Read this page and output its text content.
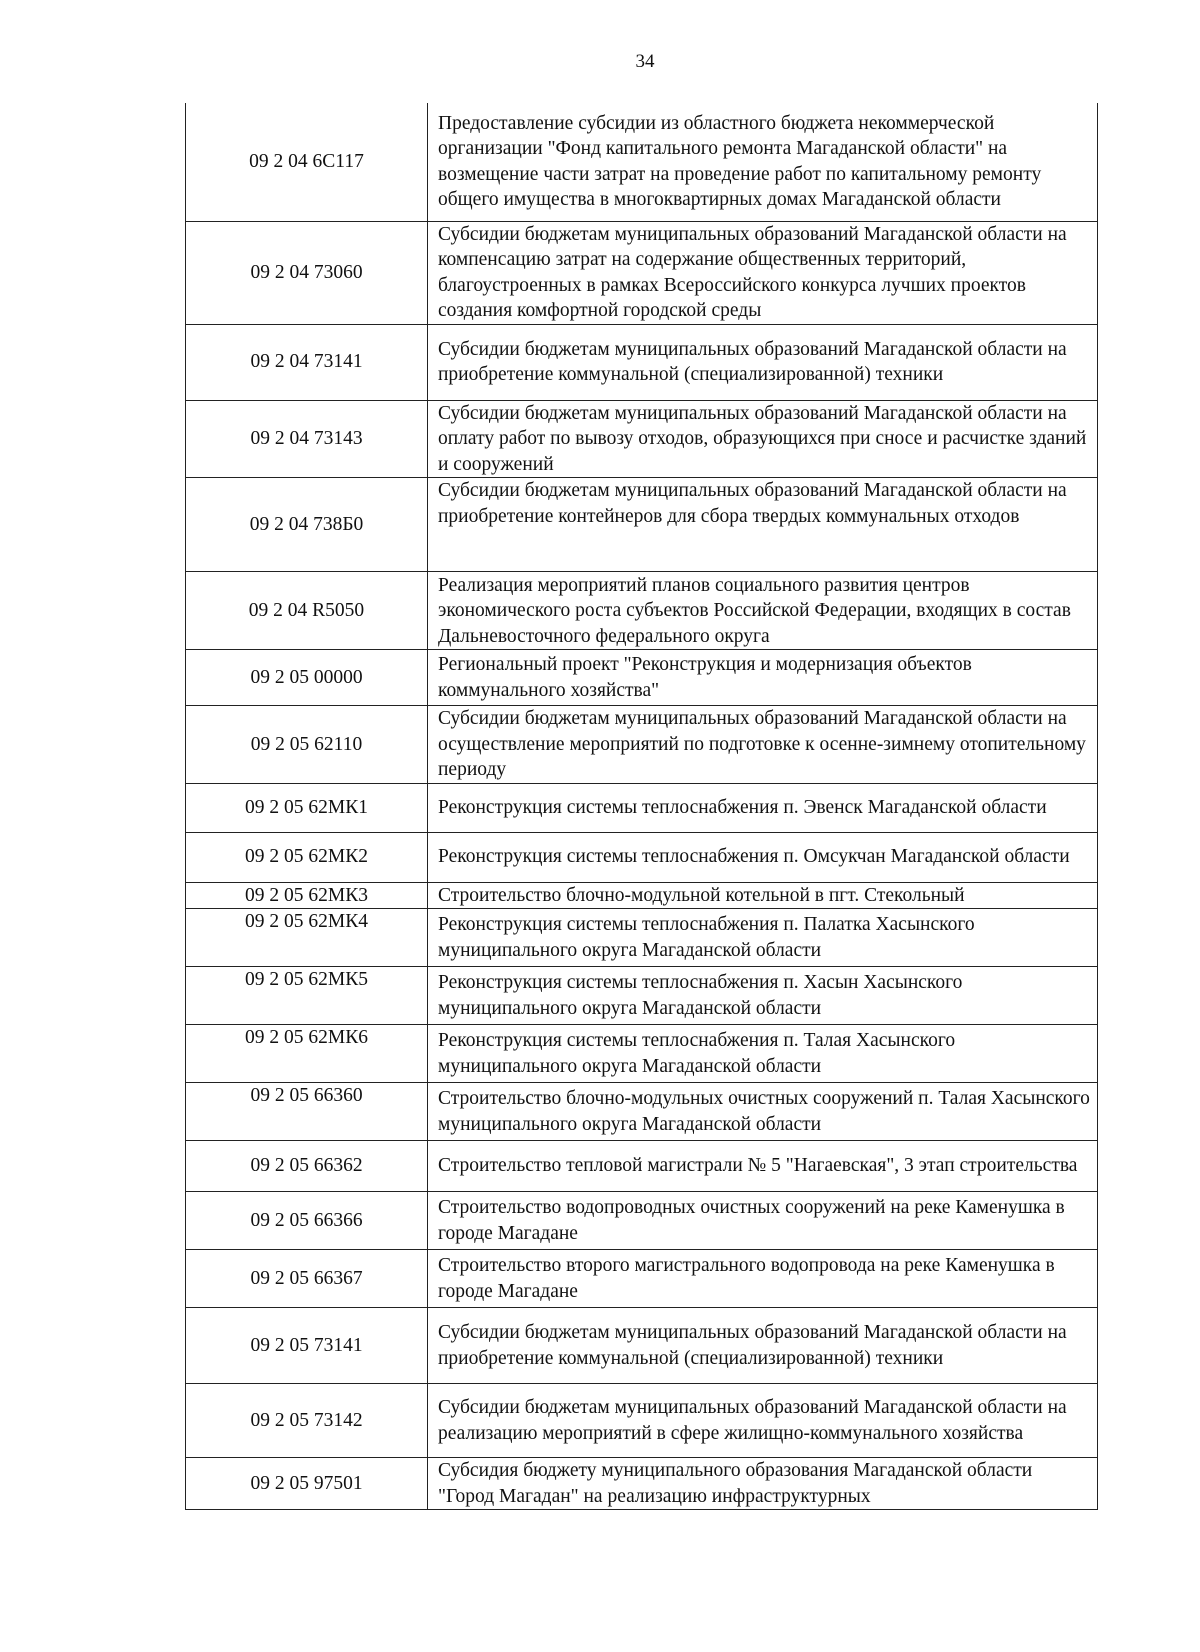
34
09 2 04 6С117	Предоставление субсидии из областного бюджета некоммерческой организации "Фонд капитального ремонта Магаданской области" на возмещение части затрат на проведение работ по капитальному ремонту общего имущества в многоквартирных домах Магаданской области
09 2 04 73060	Субсидии бюджетам муниципальных образований Магаданской области на компенсацию затрат на содержание общественных территорий, благоустроенных в рамках Всероссийского конкурса лучших проектов создания комфортной городской среды
09 2 04 73141	Субсидии бюджетам муниципальных образований Магаданской области на приобретение коммунальной (специализированной) техники
09 2 04 73143	Субсидии бюджетам муниципальных образований Магаданской области на оплату работ по вывозу отходов, образующихся при сносе и расчистке зданий и сооружений
09 2 04 738Б0	Субсидии бюджетам муниципальных образований Магаданской области на приобретение контейнеров для сбора твердых коммунальных отходов
09 2 04 R5050	Реализация мероприятий планов социального развития центров экономического роста субъектов Российской Федерации, входящих в состав Дальневосточного федерального округа
09 2 05 00000	Региональный проект "Реконструкция и модернизация объектов коммунального хозяйства"
09 2 05 62110	Субсидии бюджетам муниципальных образований Магаданской области на осуществление мероприятий по подготовке к осенне-зимнему отопительному периоду
09 2 05 62МК1	Реконструкция системы теплоснабжения п. Эвенск Магаданской области
09 2 05 62МК2	Реконструкция системы теплоснабжения п. Омсукчан Магаданской области
09 2 05 62МК3	Строительство блочно-модульной котельной в пгт. Стекольный
09 2 05 62МК4	Реконструкция системы теплоснабжения п. Палатка Хасынского муниципального округа Магаданской области
09 2 05 62МК5	Реконструкция системы теплоснабжения п. Хасын Хасынского муниципального округа Магаданской области
09 2 05 62МК6	Реконструкция системы теплоснабжения п. Талая Хасынского муниципального округа Магаданской области
09 2 05 66360	Строительство блочно-модульных очистных сооружений п. Талая Хасынского муниципального округа Магаданской области
09 2 05 66362	Строительство тепловой магистрали № 5 "Нагаевская", 3 этап строительства
09 2 05 66366	Строительство водопроводных очистных сооружений на реке Каменушка в городе Магадане
09 2 05 66367	Строительство второго магистрального водопровода на реке Каменушка в городе Магадане
09 2 05 73141	Субсидии бюджетам муниципальных образований Магаданской области на приобретение коммунальной (специализированной) техники
09 2 05 73142	Субсидии бюджетам муниципальных образований Магаданской области на реализацию мероприятий в сфере жилищно-коммунального хозяйства
09 2 05 97501	Субсидия бюджету муниципального образования Магаданской области "Город Магадан" на реализацию инфраструктурных
